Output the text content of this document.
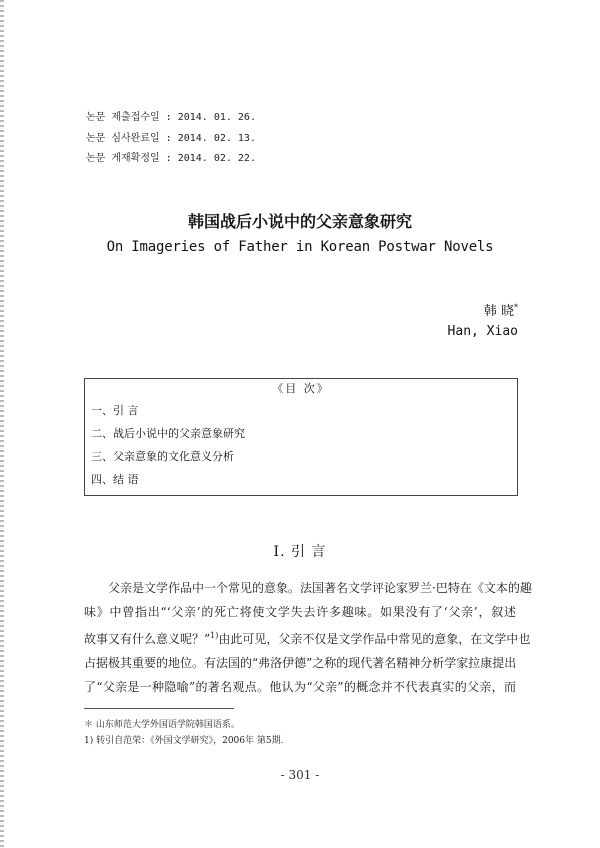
논문 제출접수일 : 2014. 01. 26.
논문 심사완료일 : 2014. 02. 13.
논문 게재확정일 : 2014. 02. 22.
韩国战后小说中的父亲意象研究
On Imageries of Father in Korean Postwar Novels
韩 晓*
Han, Xiao
《目 次》
一、引 言
二、战后小说中的父亲意象研究
三、父亲意象的文化意义分析
四、结 语
Ⅰ. 引 言
父亲是文学作品中一个常见的意象。法国著名文学评论家罗兰·巴特在《文本的趣
味》中曾指出“‘父亲’的死亡将使文学失去许多趣味。如果没有了‘父亲’，叙述
故事又有什么意义呢？”$^{1)}$由此可见，父亲不仅是文学作品中常见的意象，在文学中也
占据极其重要的地位。有法国的“弗洛伊德”之称的现代著名精神分析学家拉康提出
了“父亲是一种隐喻”的著名观点。他认为“父亲”的概念并不代表真实的父亲，而
＊ 山东师范大学外国语学院韩国语系。
1) 转引自范荣：《外国文学研究》，2006年 第5期.
- 301 -
